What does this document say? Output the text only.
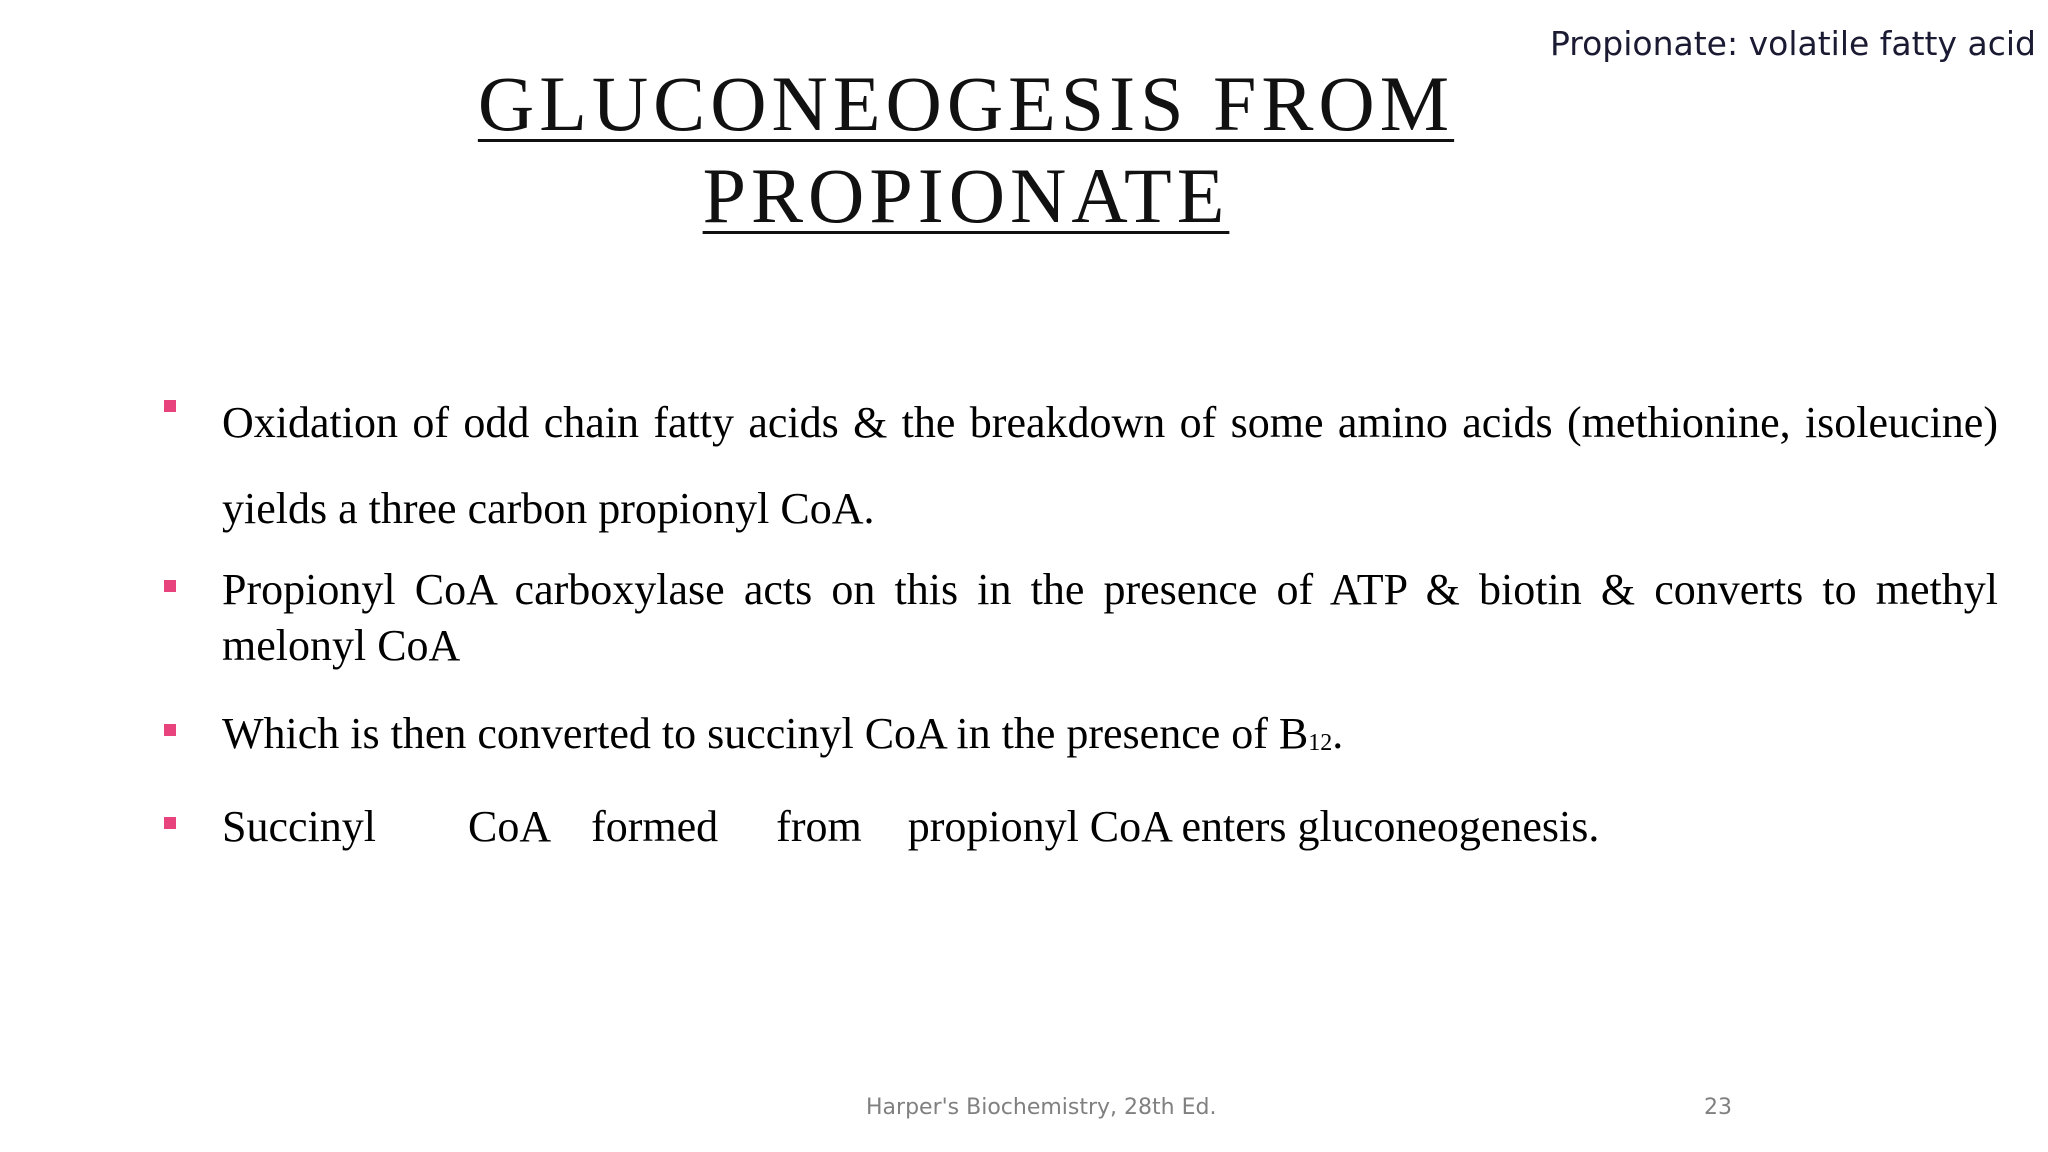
Propionate: volatile fatty acid
GLUCONEOGESIS FROM
PROPIONATE
Oxidation of odd chain fatty acids & the breakdown of some amino acids (methionine, isoleucine) yields a three carbon propionyl CoA.
Propionyl CoA carboxylase acts on this in the presence of ATP & biotin & converts to methyl melonyl CoA
Which is then converted to succinyl CoA in the presence of $B_{12}$.
Succinyl CoA formed from propionyl CoA enters gluconeogenesis.
Harper's Biochemistry, 28th Ed.	23
